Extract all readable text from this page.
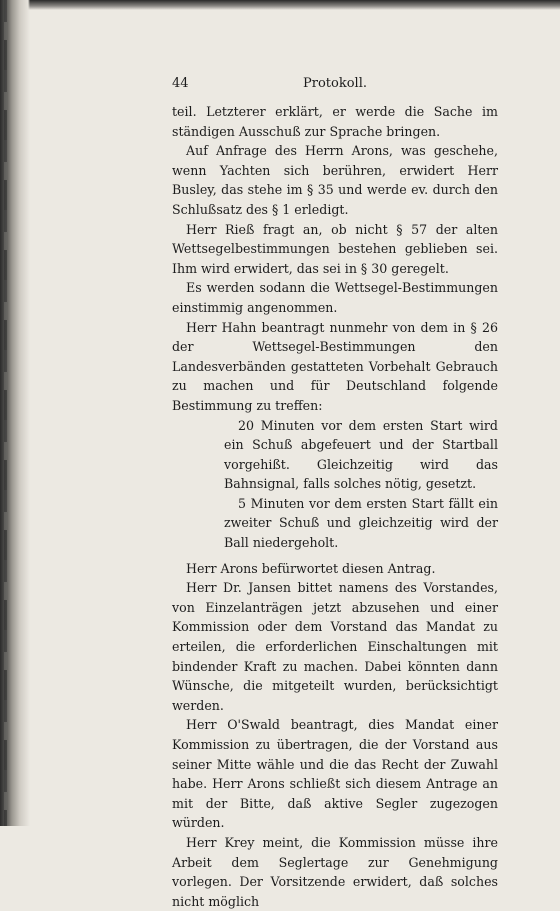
44	Protokoll.

teil. Letzterer erklärt, er werde die Sache im ständigen Ausschuß zur Sprache bringen.

Auf Anfrage des Herrn Arons, was geschehe, wenn Yachten sich berühren, erwidert Herr Busley, das stehe im § 35 und werde ev. durch den Schlußsatz des § 1 erledigt.

Herr Rieß fragt an, ob nicht § 57 der alten Wettsegelbestimmungen bestehen geblieben sei. Ihm wird erwidert, das sei in § 30 geregelt.

Es werden sodann die Wettsegel-Bestimmungen einstimmig angenommen.

Herr Hahn beantragt nunmehr von dem in § 26 der Wettsegel-Bestimmungen den Landesverbänden gestatteten Vorbehalt Gebrauch zu machen und für Deutschland folgende Bestimmung zu treffen:

20 Minuten vor dem ersten Start wird ein Schuß abgefeuert und der Startball vorgehißt. Gleichzeitig wird das Bahnsignal, falls solches nötig, gesetzt.

5 Minuten vor dem ersten Start fällt ein zweiter Schuß und gleichzeitig wird der Ball niedergeholt.

Herr Arons befürwortet diesen Antrag.

Herr Dr. Jansen bittet namens des Vorstandes, von Einzelanträgen jetzt abzusehen und einer Kommission oder dem Vorstand das Mandat zu erteilen, die erforderlichen Einschaltungen mit bindender Kraft zu machen. Dabei könnten dann Wünsche, die mitgeteilt wurden, berücksichtigt werden.

Herr O'Swald beantragt, dies Mandat einer Kommission zu übertragen, die der Vorstand aus seiner Mitte wähle und die das Recht der Zuwahl habe. Herr Arons schließt sich diesem Antrage an mit der Bitte, daß aktive Segler zugezogen würden.

Herr Krey meint, die Kommission müsse ihre Arbeit dem Seglertage zur Genehmigung vorlegen. Der Vorsitzende erwidert, daß solches nicht möglich
